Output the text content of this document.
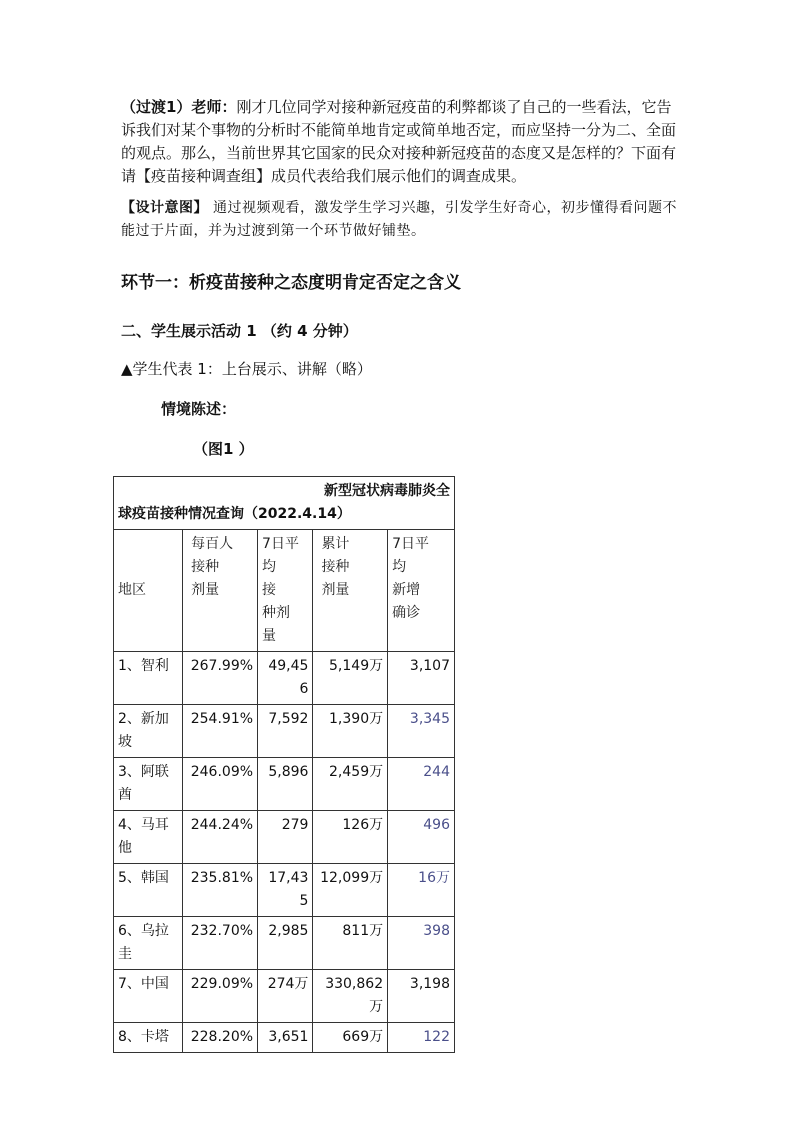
（过渡1）老师：刚才几位同学对接种新冠疫苗的利弊都谈了自己的一些看法，它告诉我们对某个事物的分析时不能简单地肯定或简单地否定，而应坚持一分为二、全面的观点。那么，当前世界其它国家的民众对接种新冠疫苗的态度又是怎样的？下面有请【疫苗接种调查组】成员代表给我们展示他们的调查成果。

【设计意图】 通过视频观看，激发学生学习兴趣，引发学生好奇心，初步懂得看问题不能过于片面，并为过渡到第一个环节做好铺垫。

环节一：析疫苗接种之态度明肯定否定之含义

二、学生展示活动 1 （约 4 分钟）

▲学生代表 1：上台展示、讲解（略）

情境陈述：

（图1 ）

新型冠状病毒肺炎全
球疫苗接种情况查询（2022.4.14）				

地区	每百人
接种
剂量	7日平
均
接
种剂
量	累计
接种
剂量	7日平
均
新增
确诊
1、智利	267.99%	49,456	5,149万	3,107
2、新加坡	254.91%	7,592	1,390万	3,345
3、阿联酋	246.09%	5,896	2,459万	244
4、马耳他	244.24%	279	126万	496
5、韩国	235.81%	17,435	12,099万	16万
6、乌拉圭	232.70%	2,985	811万	398
7、中国	229.09%	274万	330,862万	3,198
8、卡塔	228.20%	3,651	669万	122
